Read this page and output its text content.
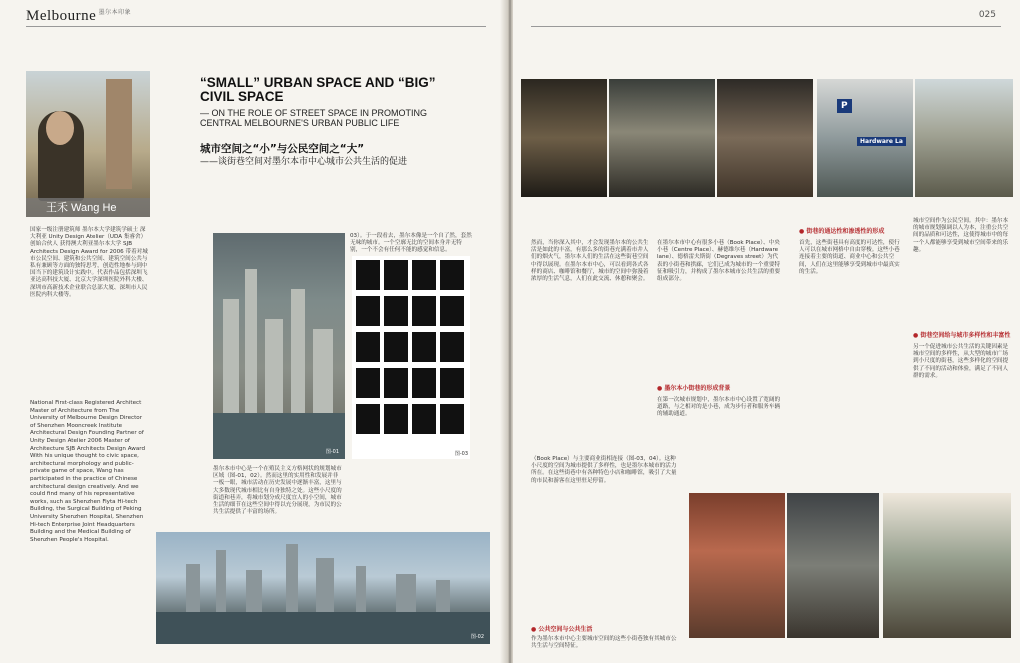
Melbourne $^{墨尔本印象}$
王禾 Wang He
国家一级注册建筑师 墨尔本大学建筑学硕士 深大利亚 Unity Design Atelier（UDA 集睿舍）创始合伙人 获得澳大利亚墨尔本大学 SJB Architects Design Award for 2006 带着对城市公民空间、建筑和公共空间、建筑空间公共与私有兼顾等方面的独特思考，创造性地参与到中国当下的建筑设计实践中。代表作品包括深圳飞亚达高科技大厦、北京大学深圳医院外科大楼、深圳市高新技术企业联合总部大厦、深圳市人民医院内科大楼等。
National First-class Registered Architect Master of Architecture from The University of Melbourne Design Director of Shenzhen Mooncreek Institute Architectural Design Founding Partner of Unity Design Atelier 2006 Master of Architecture SJB Architects Design Award With his unique thought to civic space, architectural morphology and public-private game of space, Wang has participated in the practice of Chinese architectural design creatively. And we could find many of his representative works, such as Shenzhen Fiyta Hi-tech Building, the Surgical Building of Peking University Shenzhen Hospital, Shenzhen Hi-tech Enterprise Joint Headquarters Building and the Medical Building of Shenzhen People's Hospital.
“SMALL” URBAN SPACE AND “BIG” CIVIL SPACE
— ON THE ROLE OF STREET SPACE IN PROMOTING CENTRAL MELBOURNE'S URBAN PUBLIC LIFE
城市空间之“小”与公民空间之“大”
——谈街巷空间对墨尔本市中心城市公共生活的促进
图-01
03）。于一段看去，墨尔本像是一个自了然，套然无味的城市。一个空廓无比的空间本身并无特别，一个不会有任何不能的感觉和信息。
图-03
墨尔本市中心是一个在殖民主义方格网状的规划城市区域（图-01，02）。然而这里的实用性和发展并非一板一眼，城市活动在历史发展中逐渐丰富，这里与大多数现代城市相比有自身独特之处。这些小尺度的街道和巷弄，将城市划分成尺度宜人的小空间，城市生活的细节在这些空间中得以充分展现，为市民的公共生活提供了丰富的场所。
图-02
025
Hardware La
P
然而，当你深入其中，才会发现墨尔本的公共生活是如此的丰富，有那么多的街巷充满着市井人们的烟火气，墨尔本人们的生活在这些街巷空间中得以展现。在墨尔本市中心，可以看到各式各样的商店、咖啡馆和餐厅，城市的空间中弥漫着浓厚的生活气息，人们在此交流、休憩和聚会。
在墨尔本市中心有很多小巷（Book Place）、中央小巷（Centre Place）、赫德维尔巷（Hardware lane）、德格雷夫斯街（Degraves street）为代表的小街巷和拱廊，它们已成为城市的一个重要特征和吸引力，并构成了墨尔本城市公共生活的重要组成部分。
● 墨尔本小街巷的形成背景
在第一次城市规划中，墨尔本市中心设置了宽阔的道路，与之相对的是小巷，成为步行者和服务车辆的辅助通道。
首先，这些街巷具有高度的可达性，使行人可以在城市网格中自由穿梭。这些小巷连接着主要的街道、商业中心和公共空间，人们在这里能够享受到城市中最真实的生活。
● 街巷的通达性和渗透性的形成
● 街巷空间给与城市多样性和丰富性
另一个促进城市公共生活的关键因素是城市空间的多样性，从大型的城市广场到小尺度的街巷，这些多样化的空间提供了不同的活动和体验，满足了不同人群的需求。
城市空间作为公民空间。其中：墨尔本的城市规划强调以人为本，注重公共空间的品质和可达性，这使得城市中的每一个人都能够享受到城市空间带来的乐趣。
（Book Place）与主要商业街相连接（图-03，04）。这种小尺度的空间为城市提供了多样性，也是墨尔本城市的活力所在。在这些街巷中有各种特色小店和咖啡馆，吸引了大量的市民和游客在这里驻足停留。
● 公共空间与公共生活
作为墨尔本市中心主要城市空间的这些小街巷独有其城市公共生活与空间特征。
